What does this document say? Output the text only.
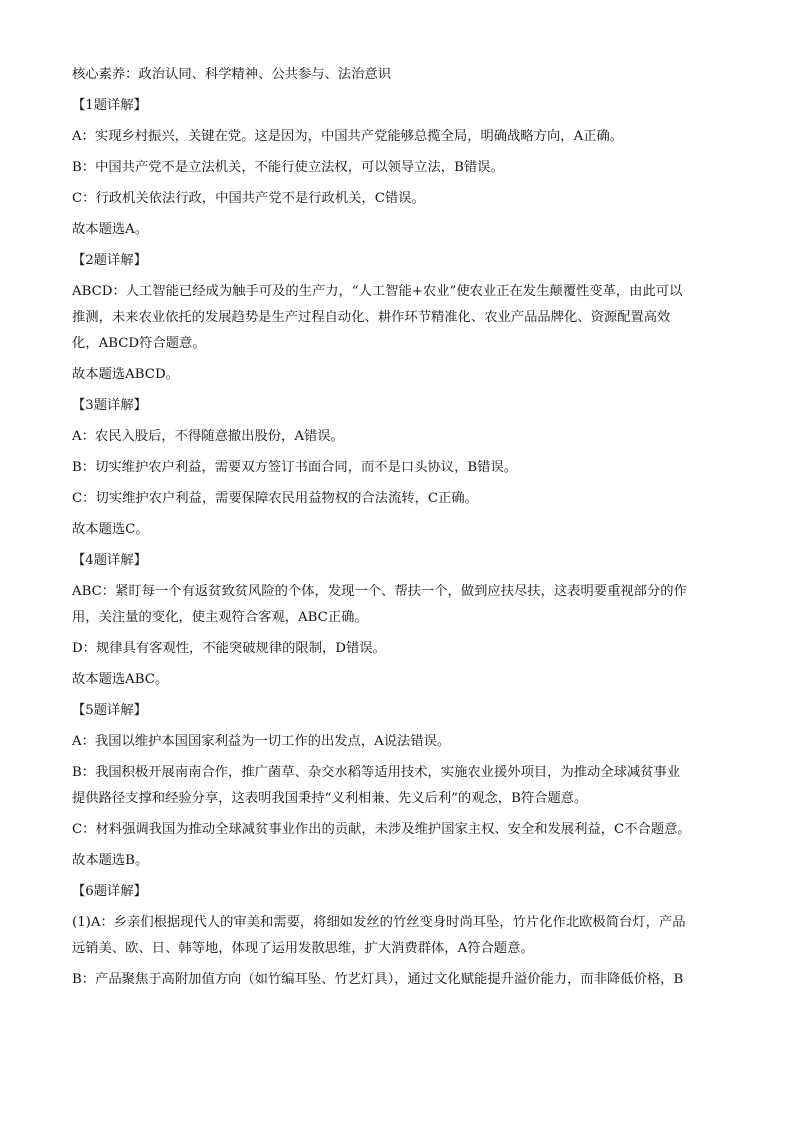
核心素养：政治认同、科学精神、公共参与、法治意识
【1题详解】
A：实现乡村振兴，关键在党。这是因为，中国共产党能够总揽全局，明确战略方向，A正确。
B：中国共产党不是立法机关，不能行使立法权，可以领导立法，B错误。
C：行政机关依法行政，中国共产党不是行政机关，C错误。
故本题选A。
【2题详解】
ABCD：人工智能已经成为触手可及的生产力，“人工智能+农业”使农业正在发生颠覆性变革，由此可以
推测，未来农业依托的发展趋势是生产过程自动化、耕作环节精准化、农业产品品牌化、资源配置高效
化，ABCD符合题意。
故本题选ABCD。
【3题详解】
A：农民入股后，不得随意撤出股份，A错误。
B：切实维护农户利益，需要双方签订书面合同，而不是口头协议，B错误。
C：切实维护农户利益，需要保障农民用益物权的合法流转，C正确。
故本题选C。
【4题详解】
ABC：紧盯每一个有返贫致贫风险的个体，发现一个、帮扶一个，做到应扶尽扶，这表明要重视部分的作
用，关注量的变化，使主观符合客观，ABC正确。
D：规律具有客观性，不能突破规律的限制，D错误。
故本题选ABC。
【5题详解】
A：我国以维护本国国家利益为一切工作的出发点，A说法错误。
B：我国积极开展南南合作，推广菌草、杂交水稻等适用技术，实施农业援外项目，为推动全球减贫事业
提供路径支撑和经验分享，这表明我国秉持“义利相兼、先义后利”的观念，B符合题意。
C：材料强调我国为推动全球减贫事业作出的贡献，未涉及维护国家主权、安全和发展利益，C不合题意。
故本题选B。
【6题详解】
(1)A：乡亲们根据现代人的审美和需要，将细如发丝的竹丝变身时尚耳坠，竹片化作北欧极简台灯，产品
远销美、欧、日、韩等地，体现了运用发散思维，扩大消费群体，A符合题意。
B：产品聚焦于高附加值方向（如竹编耳坠、竹艺灯具），通过文化赋能提升溢价能力，而非降低价格，B
